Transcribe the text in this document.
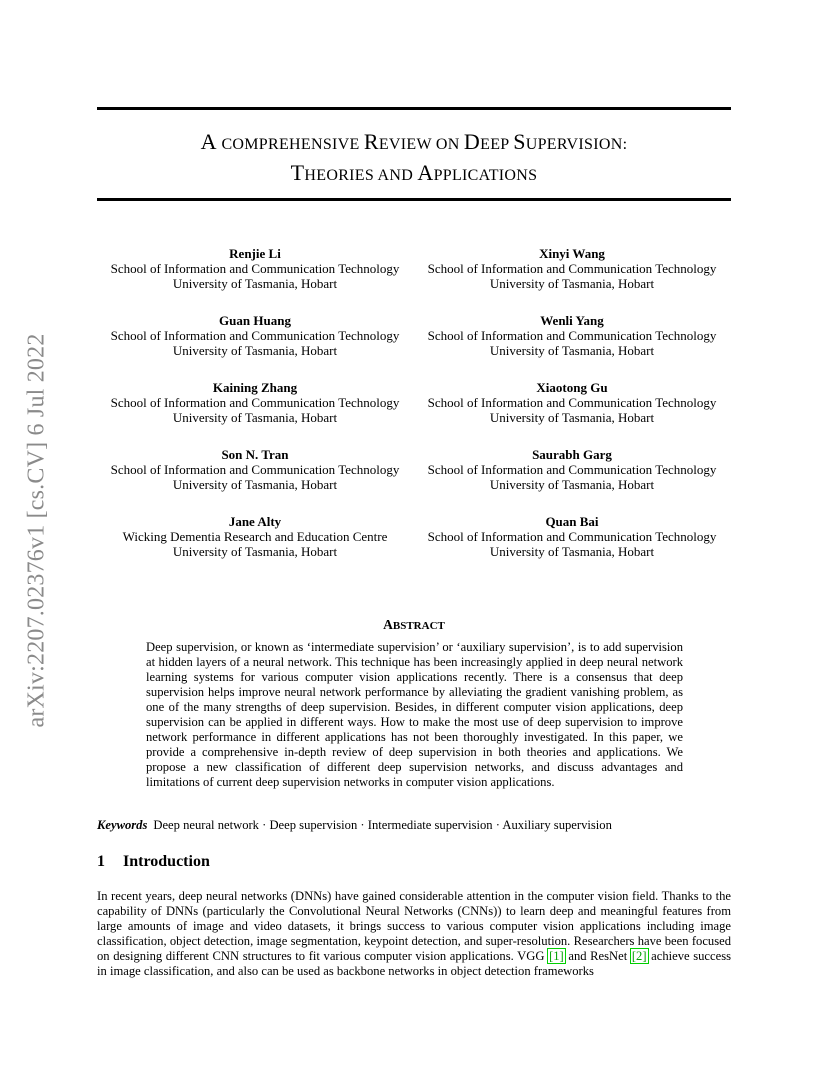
arXiv:2207.02376v1 [cs.CV] 6 Jul 2022
A COMPREHENSIVE REVIEW ON DEEP SUPERVISION:
THEORIES AND APPLICATIONS
Renjie Li
School of Information and Communication Technology
University of Tasmania, Hobart
Xinyi Wang
School of Information and Communication Technology
University of Tasmania, Hobart
Guan Huang
School of Information and Communication Technology
University of Tasmania, Hobart
Wenli Yang
School of Information and Communication Technology
University of Tasmania, Hobart
Kaining Zhang
School of Information and Communication Technology
University of Tasmania, Hobart
Xiaotong Gu
School of Information and Communication Technology
University of Tasmania, Hobart
Son N. Tran
School of Information and Communication Technology
University of Tasmania, Hobart
Saurabh Garg
School of Information and Communication Technology
University of Tasmania, Hobart
Jane Alty
Wicking Dementia Research and Education Centre
University of Tasmania, Hobart
Quan Bai
School of Information and Communication Technology
University of Tasmania, Hobart
ABSTRACT
Deep supervision, or known as ‘intermediate supervision’ or ‘auxiliary supervision’, is to add supervision at hidden layers of a neural network. This technique has been increasingly applied in deep neural network learning systems for various computer vision applications recently. There is a consensus that deep supervision helps improve neural network performance by alleviating the gradient vanishing problem, as one of the many strengths of deep supervision. Besides, in different computer vision applications, deep supervision can be applied in different ways. How to make the most use of deep supervision to improve network performance in different applications has not been thoroughly investigated. In this paper, we provide a comprehensive in-depth review of deep supervision in both theories and applications. We propose a new classification of different deep supervision networks, and discuss advantages and limitations of current deep supervision networks in computer vision applications.
Keywords Deep neural network · Deep supervision · Intermediate supervision · Auxiliary supervision
1 Introduction
In recent years, deep neural networks (DNNs) have gained considerable attention in the computer vision field. Thanks to the capability of DNNs (particularly the Convolutional Neural Networks (CNNs)) to learn deep and meaningful features from large amounts of image and video datasets, it brings success to various computer vision applications including image classification, object detection, image segmentation, keypoint detection, and super-resolution. Researchers have been focused on designing different CNN structures to fit various computer vision applications. VGG [1] and ResNet [2] achieve success in image classification, and also can be used as backbone networks in object detection frameworks
